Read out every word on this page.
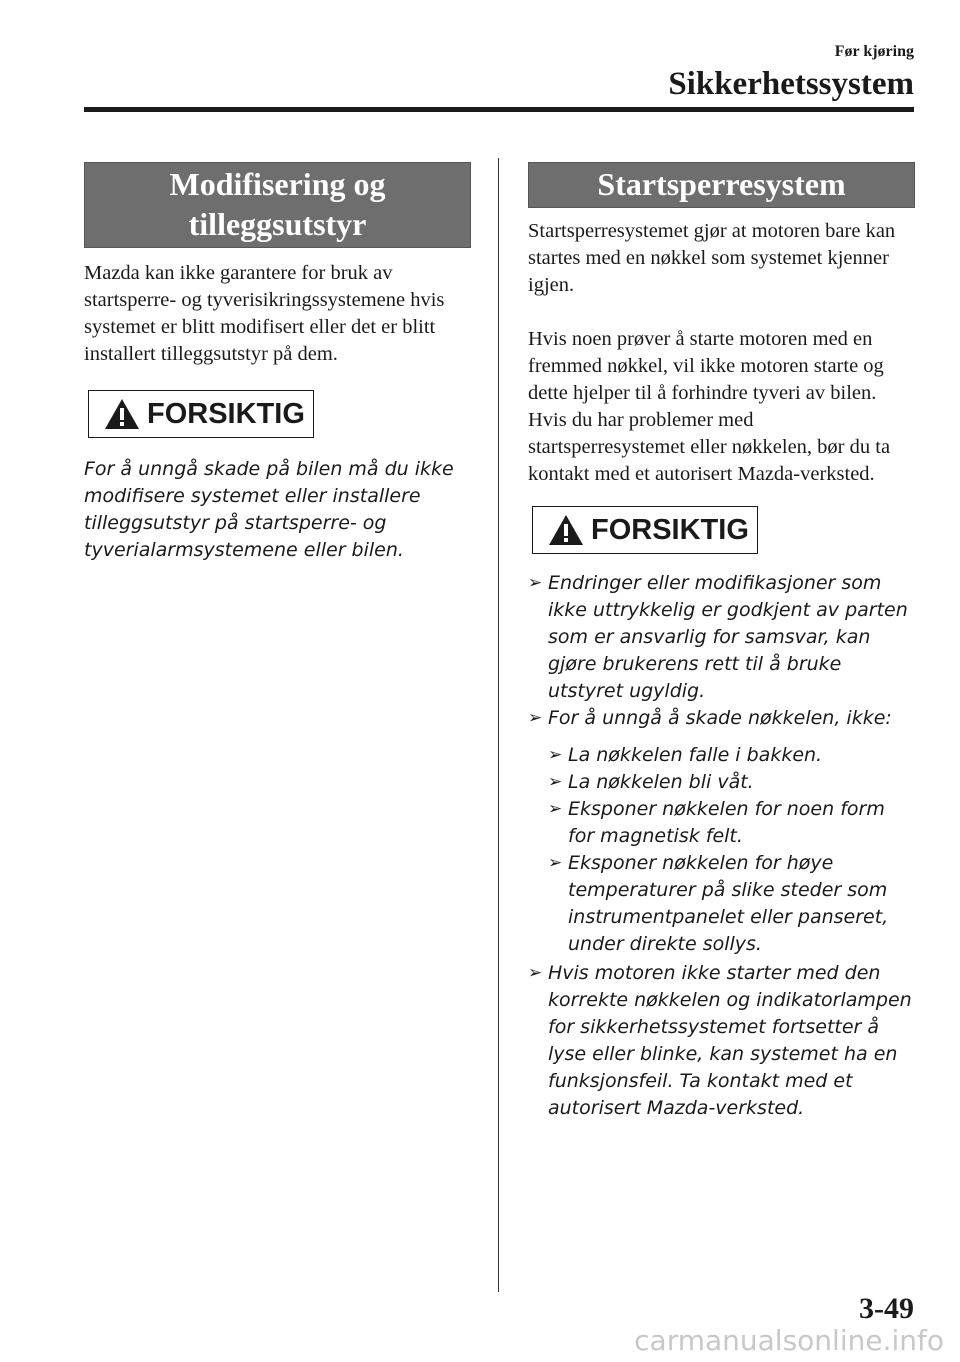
Før kjøring
Sikkerhetssystem
Modifisering og
tilleggsutstyr

Mazda kan ikke garantere for bruk av startsperre- og tyverisikringssystemene hvis systemet er blitt modifisert eller det er blitt installert tilleggsutstyr på dem.

FORSIKTIG

For å unngå skade på bilen må du ikke modifisere systemet eller installere tilleggsutstyr på startsperre- og tyverialarmsystemene eller bilen.

Startsperresystem

Startsperresystemet gjør at motoren bare kan startes med en nøkkel som systemet kjenner igjen.

Hvis noen prøver å starte motoren med en fremmed nøkkel, vil ikke motoren starte og dette hjelper til å forhindre tyveri av bilen.

Hvis du har problemer med startsperresystemet eller nøkkelen, bør du ta kontakt med et autorisert Mazda-verksted.

FORSIKTIG
➢ Endringer eller modifikasjoner som ikke uttrykkelig er godkjent av parten som er ansvarlig for samsvar, kan gjøre brukerens rett til å bruke utstyret ugyldig.
➢ For å unngå å skade nøkkelen, ikke:
➢ La nøkkelen falle i bakken.
➢ La nøkkelen bli våt.
➢ Eksponer nøkkelen for noen form for magnetisk felt.
➢ Eksponer nøkkelen for høye temperaturer på slike steder som instrumentpanelet eller panseret, under direkte sollys.
➢ Hvis motoren ikke starter med den korrekte nøkkelen og indikatorlampen for sikkerhetssystemet fortsetter å lyse eller blinke, kan systemet ha en funksjonsfeil. Ta kontakt med et autorisert Mazda-verksted.
3-49
carmanualsonline.info
